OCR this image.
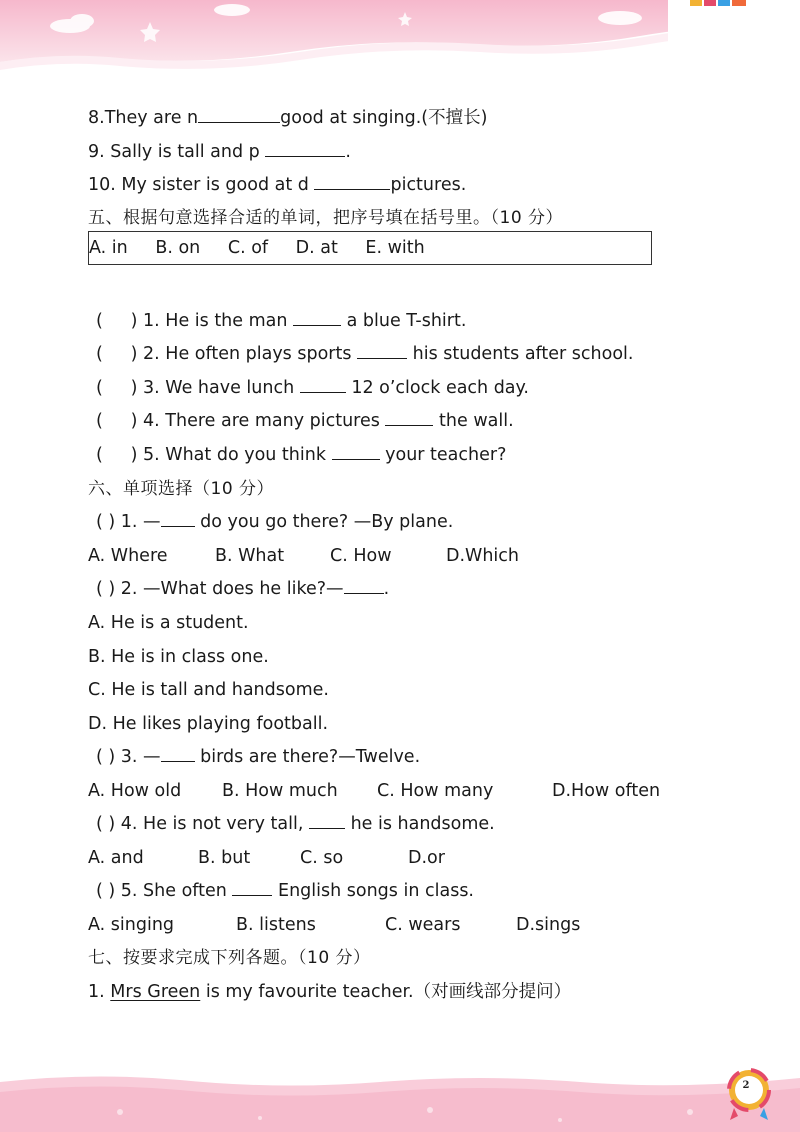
8.They are n	good at singing.(不擅长)
9. Sally is tall and p	.
10. My sister is good at d	pictures.
五、根据句意选择合适的单词，把序号填在括号里。（10 分）
A. in B. on C. of D. at E. with
(     ) 1. He is the man	a blue T-shirt.
(     ) 2. He often plays sports	his students after school.
(     ) 3. We have lunch	12 o’clock each day.
(     ) 4. There are many pictures	the wall.
(     ) 5. What do you think	your teacher?
六、单项选择（10 分）
( ) 1. — do you go there? —By plane.
A. Where	B. What	C. How	D.Which
( ) 2. —What does he like?— .
A. He is a student.
B. He is in class one.
C. He is tall and handsome.
D. He likes playing football.
( ) 3. — birds are there?—Twelve.
A. How old B. How much C. How many	D.How often
( ) 4. He is not very tall,	he is handsome.
A. and	B. but	C. so	D.or
( ) 5. She often	English songs in class.
A. singing	B. listens	C. wears	D.sings
七、按要求完成下列各题。（10 分）
1. Mrs Green is my favourite teacher.（对画线部分提问）
2
